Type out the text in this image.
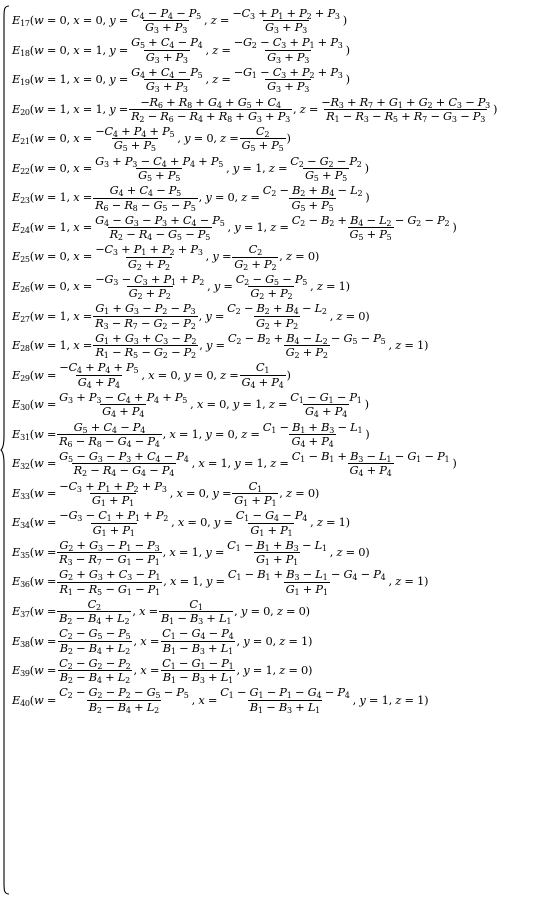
$E_{17}$ (w = 0, x = 0, $y = \frac{C_4 - P_4 - P_5}{G_3 + P_3}$ , $z = \frac{-C_3 + P_1 + P_2 + P_3}{G_3 + P_3}$ )
$E_{18}$ (w = 0, x = 1, $y = \frac{G_5 + C_4 - P_4}{G_3 + P_3}$ , $z = \frac{-G_2 - C_3 + P_1 + P_3}{G_3 + P_3}$ )
$E_{19}$ (w = 1, x = 0, $y = \frac{G_4 + C_4 - P_5}{G_3 + P_3}$ , $z = \frac{-G_1 - C_3 + P_2 + P_3}{G_3 + P_3}$ )
$E_{20}$ (w = 1, x = 1, $y = \frac{-R_6 + R_8 + G_4 + G_5 + C_4}{R_2 - R_6 - R_4 + R_8 + G_3 + P_3}$ , $z = \frac{-R_3 + R_7 + G_1 + G_2 + C_3 - P_3}{R_1 - R_3 - R_5 + R_7 - G_3 - P_3}$ )
$E_{21}$ (w = 0, $x = \frac{-C_4 + P_4 + P_5}{G_5 + P_5}$ , y = 0, $z = \frac{C_2}{G_5 + P_5}$ )
$E_{22}$ (w = 0, $x = \frac{G_3 + P_3 - C_4 + P_4 + P_5}{G_5 + P_5}$ , y = 1, $z = \frac{C_2 - G_2 - P_2}{G_5 + P_5}$ )
$E_{23}$ (w = 1, $x = \frac{G_4 + C_4 - P_5}{R_6 - R_8 - G_5 - P_5}$ , y = 0, $z = \frac{C_2 - B_2 + B_4 - L_2}{G_5 + P_5}$ )
$E_{24}$ (w = 1, $x = \frac{G_4 - G_3 - P_3 + C_4 - P_5}{R_2 - R_4 - G_5 - P_5}$ , y = 1, $z = \frac{C_2 - B_2 + B_4 - L_2 - G_2 - P_2}{G_5 + P_5}$ )
$E_{25}$ (w = 0, $x = \frac{-C_3 + P_1 + P_2 + P_3}{G_2 + P_2}$ , $y = \frac{C_2}{G_2 + P_2}$ , z = 0)
$E_{26}$ (w = 0, $x = \frac{-G_3 - C_3 + P_1 + P_2}{G_2 + P_2}$ , $y = \frac{C_2 - G_5 - P_5}{G_2 + P_2}$ , z = 1)
$E_{27}$ (w = 1, $x = \frac{G_1 + G_3 - P_2 - P_3}{R_3 - R_7 - G_2 - P_2}$ , $y = \frac{C_2 - B_2 + B_4 - L_2}{G_2 + P_2}$ , z = 0)
$E_{28}$ (w = 1, $x = \frac{G_1 + G_3 + C_3 - P_2}{R_1 - R_5 - G_2 - P_2}$ , $y = \frac{C_2 - B_2 + B_4 - L_2 - G_5 - P_5}{G_2 + P_2}$ , z = 1)
$E_{29}$ ($w = \frac{-C_4 + P_4 + P_5}{G_4 + P_4}$ , x = 0, y = 0, $z = \frac{C_1}{G_4 + P_4}$ )
$E_{30}$ ($w = \frac{G_3 + P_3 - C_4 + P_4 + P_5}{G_4 + P_4}$ , x = 0, y = 1, $z = \frac{C_1 - G_1 - P_1}{G_4 + P_4}$ )
$E_{31}$ ($w = \frac{G_5 + C_4 - P_4}{R_6 - R_8 - G_4 - P_4}$ , x = 1, y = 0, $z = \frac{C_1 - B_1 + B_3 - L_1}{G_4 + P_4}$ )
$E_{32}$ ($w = \frac{G_5 - G_3 - P_3 + C_4 - P_4}{R_2 - R_4 - G_4 - P_4}$ , x = 1, y = 1, $z = \frac{C_1 - B_1 + B_3 - L_1 - G_1 - P_1}{G_4 + P_4}$ )
$E_{33}$ ($w = \frac{-C_3 + P_1 + P_2 + P_3}{G_1 + P_1}$ , x = 0, $y = \frac{C_1}{G_1 + P_1}$ , z = 0)
$E_{34}$ ($w = \frac{-G_3 - C_1 + P_1 + P_2}{G_1 + P_1}$ , x = 0, $y = \frac{C_1 - G_4 - P_4}{G_1 + P_1}$ , z = 1)
$E_{35}$ ($w = \frac{G_2 + G_3 - P_1 - P_3}{R_3 - R_7 - G_1 - P_1}$ , x = 1, $y = \frac{C_1 - B_1 + B_3 - L_1}{G_1 + P_1}$ , z = 0)
$E_{36}$ ($w = \frac{G_2 + G_3 + C_3 - P_1}{R_1 - R_5 - G_1 - P_1}$ , x = 1, $y = \frac{C_1 - B_1 + B_3 - L_1 - G_4 - P_4}{G_1 + P_1}$ , z = 1)
$E_{37}$ ($w = \frac{C_2}{B_2 - B_4 + L_2}$ , $x = \frac{C_1}{B_1 - B_3 + L_1}$ , y = 0, z = 0)
$E_{38}$ ($w = \frac{C_2 - G_5 - P_5}{B_2 - B_4 + L_2}$ , $x = \frac{C_1 - G_4 - P_4}{B_1 - B_3 + L_1}$ , y = 0, z = 1)
$E_{39}$ ($w = \frac{C_2 - G_2 - P_2}{B_2 - B_4 + L_2}$ , $x = \frac{C_1 - G_1 - P_1}{B_1 - B_3 + L_1}$ , y = 1, z = 0)
$E_{40}$ ($w = \frac{C_2 - G_2 - P_2 - G_5 - P_5}{B_2 - B_4 + L_2}$ , $x = \frac{C_1 - G_1 - P_1 - G_4 - P_4}{B_1 - B_3 + L_1}$ , y = 1, z = 1)
